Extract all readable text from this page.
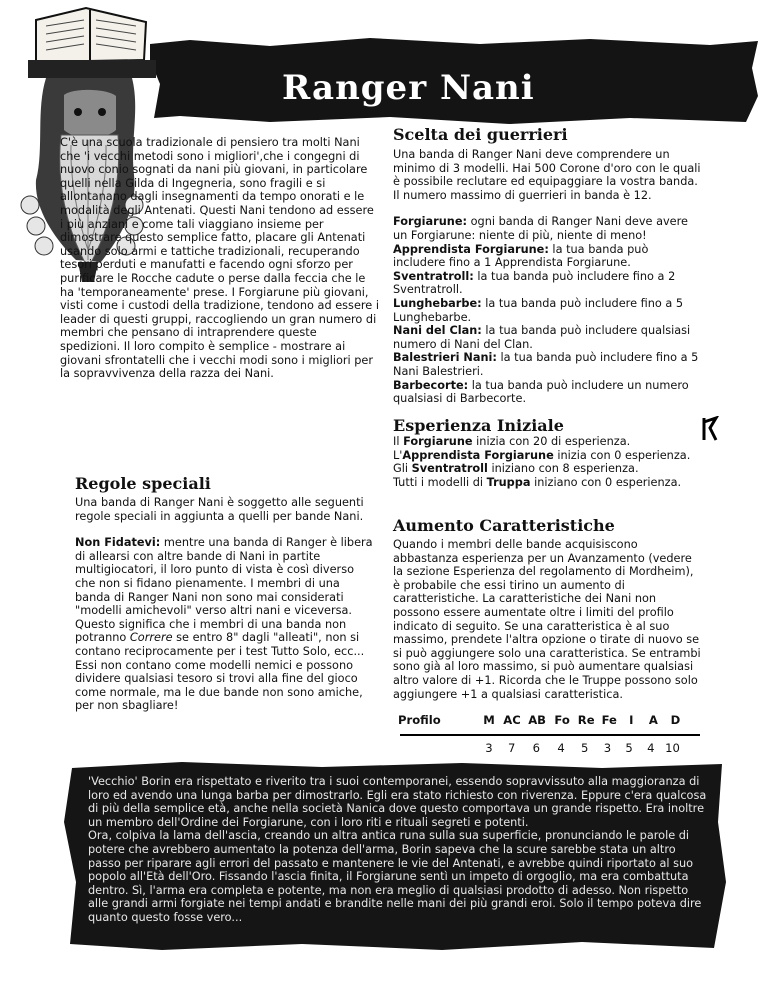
Ranger Nani

C'è una scuola tradizionale di pensiero tra molti Nani che 'i vecchi metodi sono i migliori',che i congegni di nuovo conio sognati da nani più giovani, in particolare quelli nella Gilda di Ingegneria, sono fragili e si allontanano dagli insegnamenti da tempo onorati e le modalità degli Antenati. Questi Nani tendono ad essere i più anziani e come tali viaggiano insieme per dimostrare questo semplice fatto, placare gli Antenati usando solo armi e tattiche tradizionali, recuperando tesori perduti e manufatti e facendo ogni sforzo per purificare le Rocche cadute o perse dalla feccia che le ha 'temporaneamente' prese. I Forgiarune più giovani, visti come i custodi della tradizione, tendono ad essere i leader di questi gruppi, raccogliendo un gran numero di membri che pensano di intraprendere queste spedizioni. Il loro compito è semplice - mostrare ai giovani sfrontatelli che i vecchi modi sono i migliori per la sopravvivenza della razza dei Nani.

Regole speciali

Una banda di Ranger Nani è soggetto alle seguenti regole speciali in aggiunta a quelli per bande Nani.

Non Fidatevi: mentre una banda di Ranger è libera di allearsi con altre bande di Nani in partite multigiocatori, il loro punto di vista è così diverso che non si fidano pienamente. I membri di una banda di Ranger Nani non sono mai considerati "modelli amichevoli" verso altri nani e viceversa. Questo significa che i membri di una banda non potranno Correre se entro 8" dagli "alleati", non si contano reciprocamente per i test Tutto Solo, ecc... Essi non contano come modelli nemici e possono dividere qualsiasi tesoro si trovi alla fine del gioco come normale, ma le due bande non sono amiche, per non sbagliare!

Scelta dei guerrieri

Una banda di Ranger Nani deve comprendere un minimo di 3 modelli. Hai 500 Corone d'oro con le quali è possibile reclutare ed equipaggiare la vostra banda. Il numero massimo di guerrieri in banda è 12.

Forgiarune: ogni banda di Ranger Nani deve avere un Forgiarune: niente di più, niente di meno!

Apprendista Forgiarune: la tua banda può includere fino a 1 Apprendista Forgiarune.

Sventratroll: la tua banda può includere fino a 2 Sventratroll.

Lunghebarbe: la tua banda può includere fino a 5 Lunghebarbe.

Nani del Clan: la tua banda può includere qualsiasi numero di Nani del Clan.

Balestrieri Nani: la tua banda può includere fino a 5 Nani Balestrieri.

Barbecorte: la tua banda può includere un numero qualsiasi di Barbecorte.

Esperienza Iniziale

Il Forgiarune inizia con 20 di esperienza.

L'Apprendista Forgiarune inizia con 0 esperienza.

Gli Sventratroll iniziano con 8 esperienza.

Tutti i modelli di Truppa iniziano con 0 esperienza.

Aumento Caratteristiche

Quando i membri delle bande acquisiscono abbastanza esperienza per un Avanzamento (vedere la sezione Esperienza del regolamento di Mordheim), è probabile che essi tirino un aumento di caratteristiche. La caratteristiche dei Nani non possono essere aumentate oltre i limiti del profilo indicato di seguito. Se una caratteristica è al suo massimo, prendete l'altra opzione o tirate di nuovo se si può aggiungere solo una caratteristica. Se entrambi sono già al loro massimo, si può aumentare qualsiasi altro valore di +1. Ricorda che le Truppe possono solo aggiungere +1 a qualsiasi caratteristica.

Profilo	M AC AB Fo Re Fe I A D
3 7 6 4 5 3 5 4 10

'Vecchio' Borin era rispettato e riverito tra i suoi contemporanei, essendo sopravvissuto alla maggioranza di loro ed avendo una lunga barba per dimostrarlo. Egli era stato richiesto con riverenza. Eppure c'era qualcosa di più della semplice età, anche nella società Nanica dove questo comportava un grande rispetto. Era inoltre un membro dell'Ordine dei Forgiarune, con i loro riti e rituali segreti e potenti.

Ora, colpiva la lama dell'ascia, creando un altra antica runa sulla sua superficie, pronunciando le parole di potere che avrebbero aumentato la potenza dell'arma, Borin sapeva che la scure sarebbe stata un altro passo per riparare agli errori del passato e mantenere le vie del Antenati, e avrebbe quindi riportato al suo popolo all'Età dell'Oro. Fissando l'ascia finita, il Forgiarune sentì un impeto di orgoglio, ma era combattuta dentro. Sì, l'arma era completa e potente, ma non era meglio di qualsiasi prodotto di adesso. Non rispetto alle grandi armi forgiate nei tempi andati e brandite nelle mani dei più grandi eroi. Solo il tempo poteva dire quanto questo fosse vero...
